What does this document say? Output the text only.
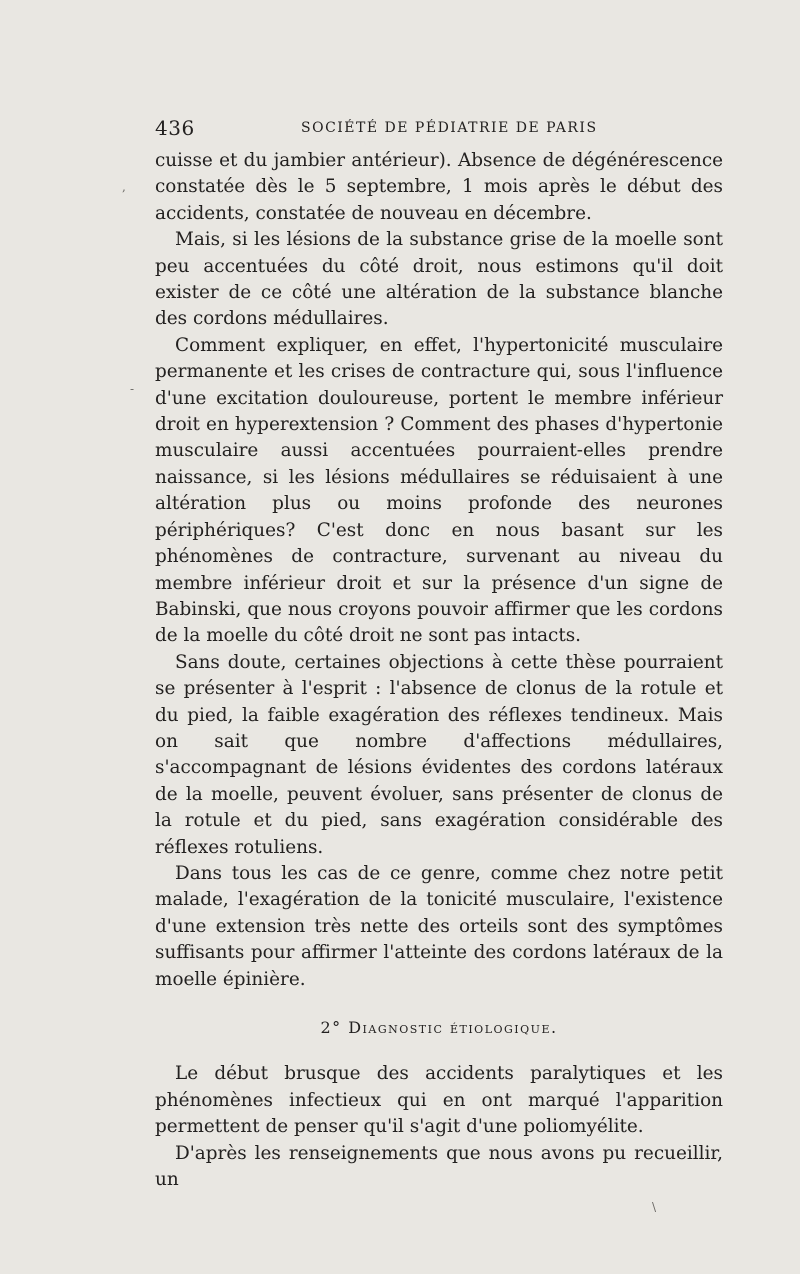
436	SOCIÉTÉ DE PÉDIATRIE DE PARIS

cuisse et du jambier antérieur). Absence de dégénérescence constatée dès le 5 septembre, 1 mois après le début des accidents, constatée de nouveau en décembre.

Mais, si les lésions de la substance grise de la moelle sont peu accentuées du côté droit, nous estimons qu'il doit exister de ce côté une altération de la substance blanche des cordons médullaires.

Comment expliquer, en effet, l'hypertonicité musculaire permanente et les crises de contracture qui, sous l'influence d'une excitation douloureuse, portent le membre inférieur droit en hyperextension ? Comment des phases d'hypertonie musculaire aussi accentuées pourraient-elles prendre naissance, si les lésions médullaires se réduisaient à une altération plus ou moins profonde des neurones périphériques? C'est donc en nous basant sur les phénomènes de contracture, survenant au niveau du membre inférieur droit et sur la présence d'un signe de Babinski, que nous croyons pouvoir affirmer que les cordons de la moelle du côté droit ne sont pas intacts.

Sans doute, certaines objections à cette thèse pourraient se présenter à l'esprit : l'absence de clonus de la rotule et du pied, la faible exagération des réflexes tendineux. Mais on sait que nombre d'affections médullaires, s'accompagnant de lésions évidentes des cordons latéraux de la moelle, peuvent évoluer, sans présenter de clonus de la rotule et du pied, sans exagération considérable des réflexes rotuliens.

Dans tous les cas de ce genre, comme chez notre petit malade, l'exagération de la tonicité musculaire, l'existence d'une extension très nette des orteils sont des symptômes suffisants pour affirmer l'atteinte des cordons latéraux de la moelle épinière.

2° Diagnostic étiologique.

Le début brusque des accidents paralytiques et les phénomènes infectieux qui en ont marqué l'apparition permettent de penser qu'il s'agit d'une poliomyélite.

D'après les renseignements que nous avons pu recueillir, un

,
-
\
